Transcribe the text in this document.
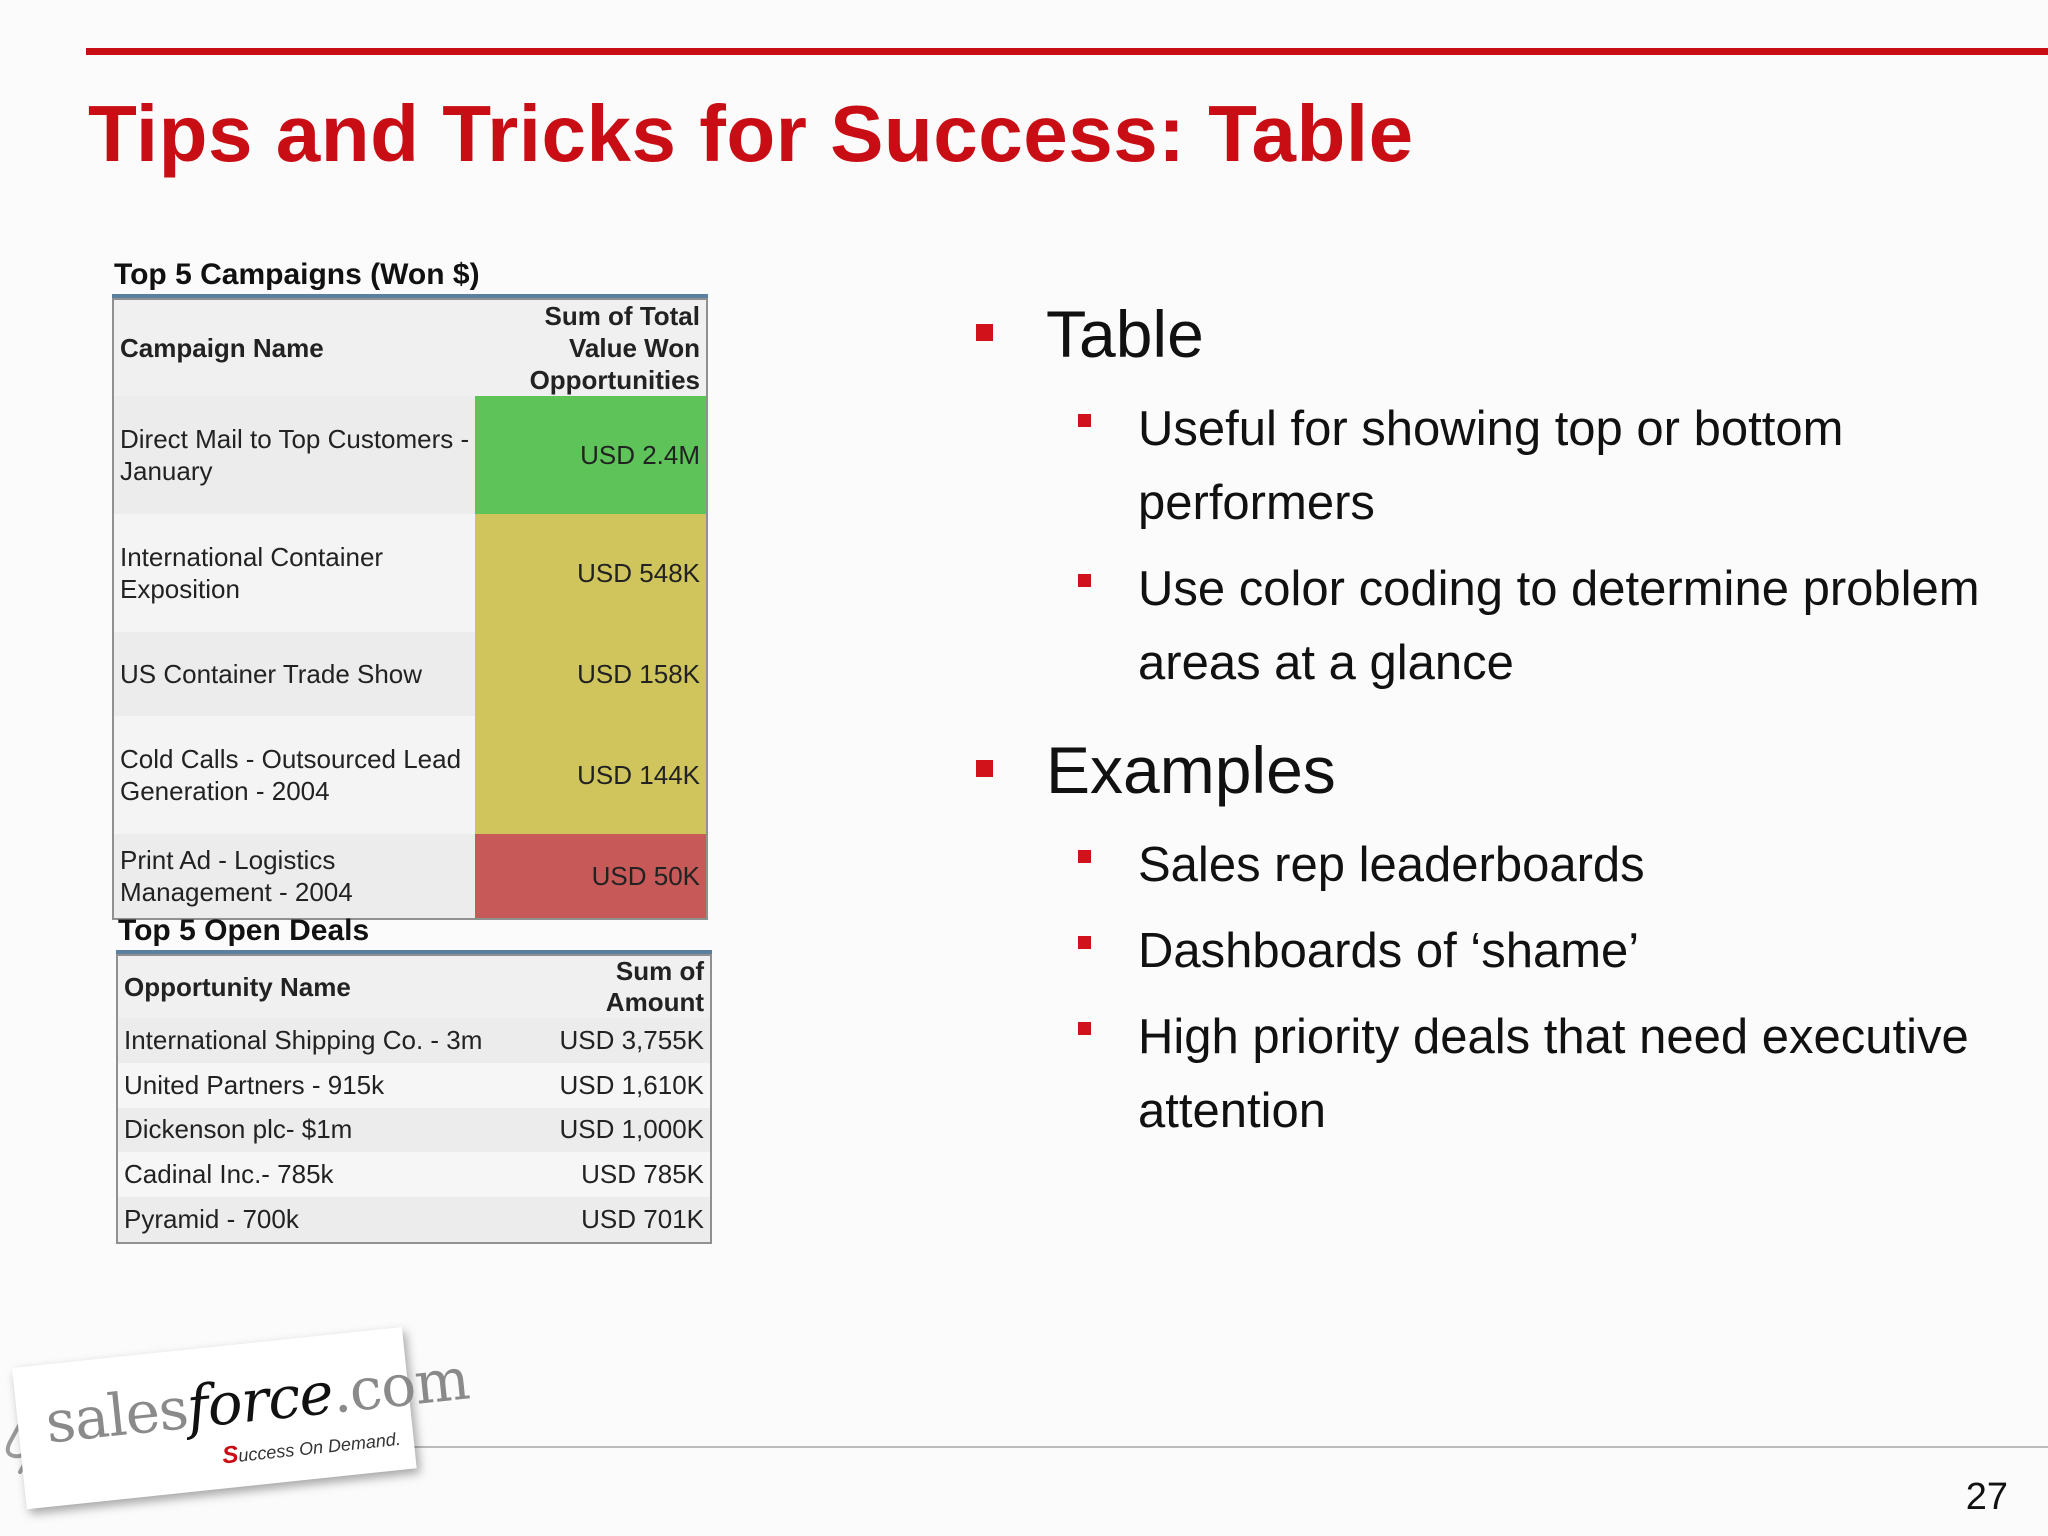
Tips and Tricks for Success: Table
Top 5 Campaigns (Won $)
Campaign Name	Sum of Total Value Won Opportunities
Direct Mail to Top Customers - January	USD 2.4M
International Container Exposition	USD 548K
US Container Trade Show	USD 158K
Cold Calls - Outsourced Lead Generation - 2004	USD 144K
Print Ad - Logistics Management - 2004	USD 50K
Top 5 Open Deals
Opportunity Name	Sum of Amount
International Shipping Co. - 3m	USD 3,755K
United Partners - 915k	USD 1,610K
Dickenson plc- $1m	USD 1,000K
Cadinal Inc.- 785k	USD 785K
Pyramid - 700k	USD 701K
Table
Useful for showing top or bottom performers
Use color coding to determine problem areas at a glance
Examples
Sales rep leaderboards
Dashboards of ‘shame’
High priority deals that need executive attention
salesforce.com
Success On Demand.
27
